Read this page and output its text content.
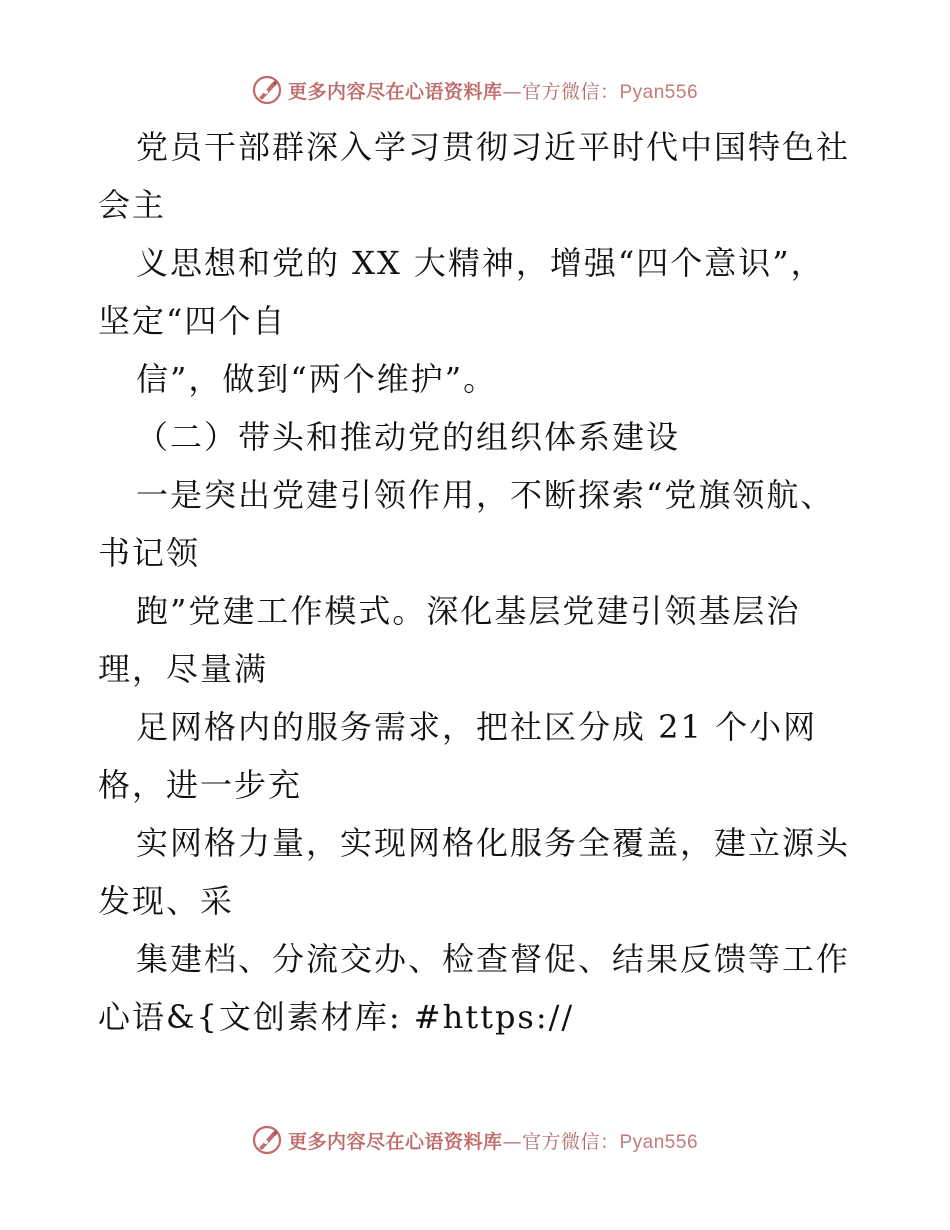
更多内容尽在心语资料库—官方微信：Pyan556
党员干部群深入学习贯彻习近平时代中国特色社
会主
义思想和党的 XX 大精神，增强“四个意识”，
坚定“四个自
信”，做到“两个维护”。
（二）带头和推动党的组织体系建设
一是突出党建引领作用，不断探索“党旗领航、
书记领
跑”党建工作模式。深化基层党建引领基层治
理，尽量满
足网格内的服务需求，把社区分成 21 个小网
格，进一步充
实网格力量，实现网格化服务全覆盖，建立源头
发现、采
集建档、分流交办、检查督促、结果反馈等工作
心语&{文创素材库: #https://
更多内容尽在心语资料库—官方微信：Pyan556
